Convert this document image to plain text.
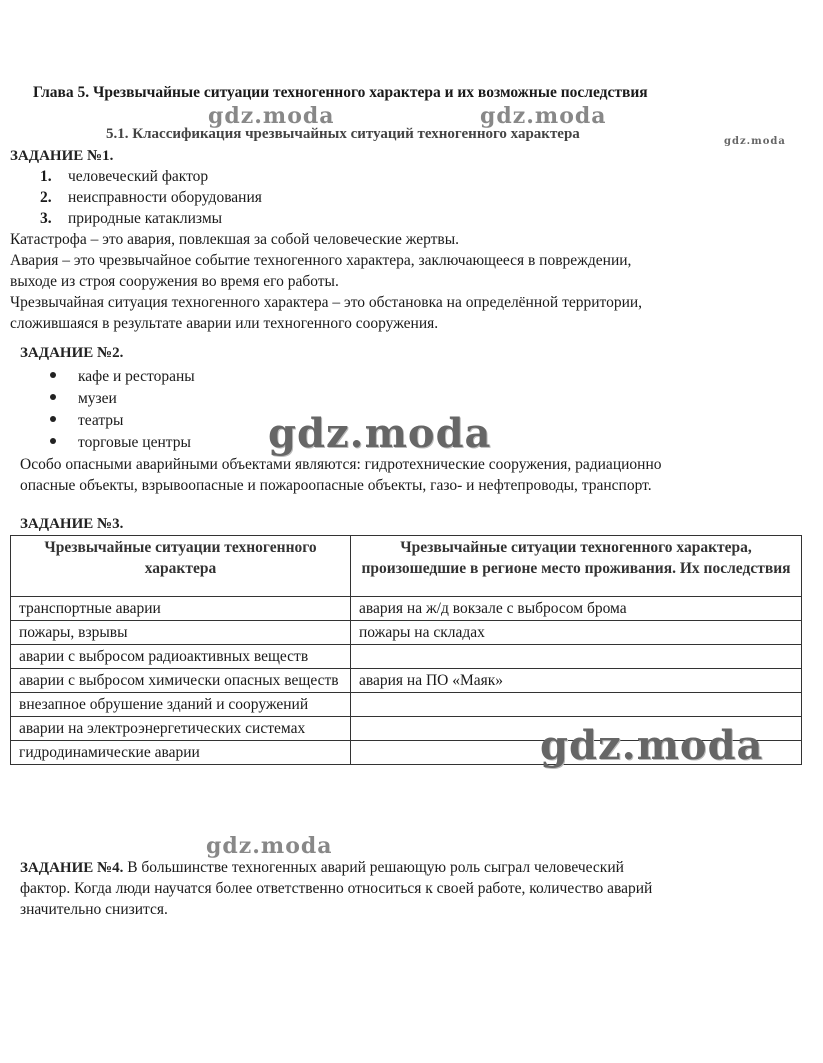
Глава 5. Чрезвычайные ситуации техногенного характера и их возможные последствия
5.1. Классификация чрезвычайных ситуаций техногенного характера
ЗАДАНИЕ №1.
1. человеческий фактор
2. неисправности оборудования
3. природные катаклизмы
Катастрофа – это авария, повлекшая за собой человеческие жертвы.
Авария – это чрезвычайное событие техногенного характера, заключающееся в повреждении,
выходе из строя сооружения во время его работы.
Чрезвычайная ситуация техногенного характера – это обстановка на определённой территории,
сложившаяся в результате аварии или техногенного сооружения.
ЗАДАНИЕ №2.
кафе и рестораны
музеи
театры
торговые центры
Особо опасными аварийными объектами являются: гидротехнические сооружения, радиационно
опасные объекты, взрывоопасные и пожароопасные объекты, газо- и нефтепроводы, транспорт.
ЗАДАНИЕ №3.
Чрезвычайные ситуации техногенного характера	Чрезвычайные ситуации техногенного характера, произошедшие в регионе место проживания. Их последствия
транспортные аварии	авария на ж/д вокзале с выбросом брома
пожары, взрывы	пожары на складах
аварии с выбросом радиоактивных веществ	
аварии с выбросом химически опасных веществ	авария на ПО «Маяк»
внезапное обрушение зданий и сооружений	
аварии на электроэнергетических системах	
гидродинамические аварии	
ЗАДАНИЕ №4. В большинстве техногенных аварий решающую роль сыграл человеческий
фактор. Когда люди научатся более ответственно относиться к своей работе, количество аварий
значительно снизится.
gdz.moda	gdz.moda
gdz.moda
gdz.moda
gdz.moda
gdz.moda
